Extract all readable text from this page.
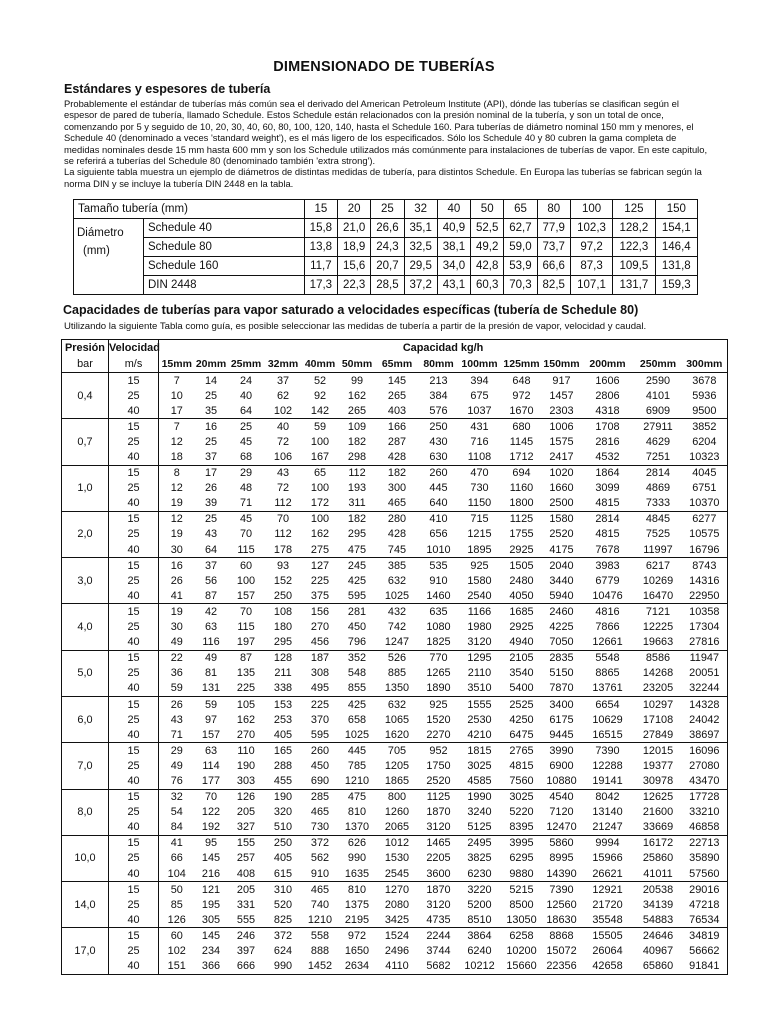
DIMENSIONADO DE TUBERÍAS
Estándares y espesores de tubería

Probablemente el estándar de tuberías más común sea el derivado del American Petroleum Institute (API), dónde las tuberías se clasifican según el espesor de pared de tubería, llamado Schedule. Estos Schedule están relacionados con la presión nominal de la tubería, y son un total de once, comenzando por 5 y seguido de 10, 20, 30, 40, 60, 80, 100, 120, 140, hasta el Schedule 160. Para tuberías de diámetro nominal 150 mm y menores, el Schedule 40 (denominado a veces 'standard weight'), es el más ligero de los especificados. Sólo los Schedule 40 y 80 cubren la gama completa de medidas nominales desde 15 mm hasta 600 mm y son los Schedule utilizados más comúnmente para instalaciones de tuberías de vapor. En este capitulo, se referirá a tuberías del Schedule 80 (denominado también 'extra strong').

La siguiente tabla muestra un ejemplo de diámetros de distintas medidas de tubería, para distintos Schedule. En Europa las tuberías se fabrican según la norma DIN y se incluye la tubería DIN 2448 en la tabla.

Tamaño tubería (mm)		15	20	25	32	40	50	65	80	100	125	150

Diámetro
(mm)	Schedule 40	15,8	21,0	26,6	35,1	40,9	52,5	62,7	77,9	102,3	128,2	154,1
	Schedule 80	13,8	18,9	24,3	32,5	38,1	49,2	59,0	73,7	97,2	122,3	146,4
	Schedule 160	11,7	15,6	20,7	29,5	34,0	42,8	53,9	66,6	87,3	109,5	131,8
	DIN 2448	17,3	22,3	28,5	37,2	43,1	60,3	70,3	82,5	107,1	131,7	159,3
Capacidades de tuberías para vapor saturado a velocidades específicas (tubería de Schedule 80)
Utilizando la siguiente Tabla como guía, es posible seleccionar las medidas de tubería a partir de la presión de vapor, velocidad y caudal.
Presión	Velocidad	Capacidad kg/h													
bar	m/s	15mm	20mm	25mm	32mm	40mm	50mm	65mm	80mm	100mm	125mm	150mm	200mm	250mm	300mm
0,4	15	7	14	24	37	52	99	145	213	394	648	917	1606	2590	3678
	25	10	25	40	62	92	162	265	384	675	972	1457	2806	4101	5936
	40	17	35	64	102	142	265	403	576	1037	1670	2303	4318	6909	9500
0,7	15	7	16	25	40	59	109	166	250	431	680	1006	1708	27911	3852
	25	12	25	45	72	100	182	287	430	716	1145	1575	2816	4629	6204
	40	18	37	68	106	167	298	428	630	1108	1712	2417	4532	7251	10323
1,0	15	8	17	29	43	65	112	182	260	470	694	1020	1864	2814	4045
	25	12	26	48	72	100	193	300	445	730	1160	1660	3099	4869	6751
	40	19	39	71	112	172	311	465	640	1150	1800	2500	4815	7333	10370
2,0	15	12	25	45	70	100	182	280	410	715	1125	1580	2814	4845	6277
	25	19	43	70	112	162	295	428	656	1215	1755	2520	4815	7525	10575
	40	30	64	115	178	275	475	745	1010	1895	2925	4175	7678	11997	16796
3,0	15	16	37	60	93	127	245	385	535	925	1505	2040	3983	6217	8743
	25	26	56	100	152	225	425	632	910	1580	2480	3440	6779	10269	14316
	40	41	87	157	250	375	595	1025	1460	2540	4050	5940	10476	16470	22950
4,0	15	19	42	70	108	156	281	432	635	1166	1685	2460	4816	7121	10358
	25	30	63	115	180	270	450	742	1080	1980	2925	4225	7866	12225	17304
	40	49	116	197	295	456	796	1247	1825	3120	4940	7050	12661	19663	27816
5,0	15	22	49	87	128	187	352	526	770	1295	2105	2835	5548	8586	11947
	25	36	81	135	211	308	548	885	1265	2110	3540	5150	8865	14268	20051
	40	59	131	225	338	495	855	1350	1890	3510	5400	7870	13761	23205	32244
6,0	15	26	59	105	153	225	425	632	925	1555	2525	3400	6654	10297	14328
	25	43	97	162	253	370	658	1065	1520	2530	4250	6175	10629	17108	24042
	40	71	157	270	405	595	1025	1620	2270	4210	6475	9445	16515	27849	38697
7,0	15	29	63	110	165	260	445	705	952	1815	2765	3990	7390	12015	16096
	25	49	114	190	288	450	785	1205	1750	3025	4815	6900	12288	19377	27080
	40	76	177	303	455	690	1210	1865	2520	4585	7560	10880	19141	30978	43470
8,0	15	32	70	126	190	285	475	800	1125	1990	3025	4540	8042	12625	17728
	25	54	122	205	320	465	810	1260	1870	3240	5220	7120	13140	21600	33210
	40	84	192	327	510	730	1370	2065	3120	5125	8395	12470	21247	33669	46858
10,0	15	41	95	155	250	372	626	1012	1465	2495	3995	5860	9994	16172	22713
	25	66	145	257	405	562	990	1530	2205	3825	6295	8995	15966	25860	35890
	40	104	216	408	615	910	1635	2545	3600	6230	9880	14390	26621	41011	57560
14,0	15	50	121	205	310	465	810	1270	1870	3220	5215	7390	12921	20538	29016
	25	85	195	331	520	740	1375	2080	3120	5200	8500	12560	21720	34139	47218
	40	126	305	555	825	1210	2195	3425	4735	8510	13050	18630	35548	54883	76534
17,0	15	60	145	246	372	558	972	1524	2244	3864	6258	8868	15505	24646	34819
	25	102	234	397	624	888	1650	2496	3744	6240	10200	15072	26064	40967	56662
	40	151	366	666	990	1452	2634	4110	5682	10212	15660	22356	42658	65860	91841
